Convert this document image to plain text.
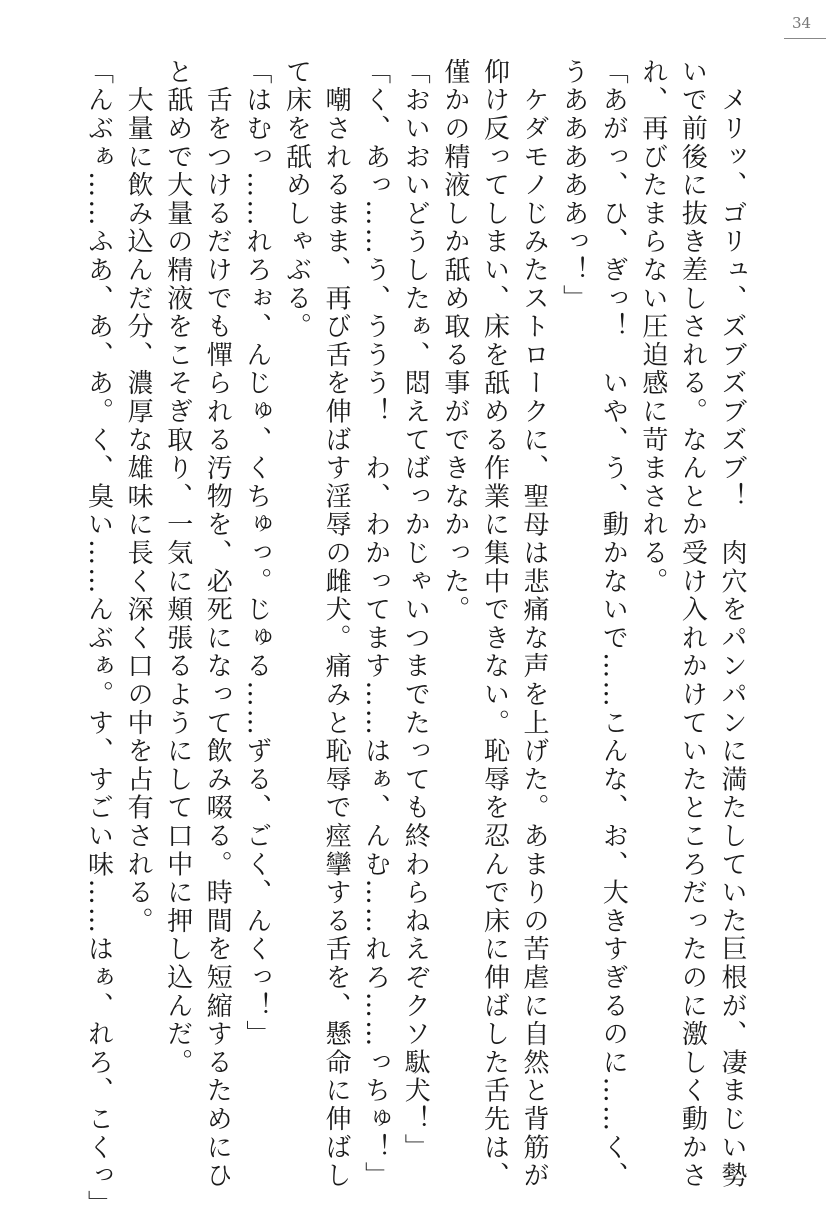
34

　メリッ、ゴリュ、ズブズブズブ！　肉穴をパンパンに満たしていた巨根が、凄まじい勢

いで前後に抜き差しされる。なんとか受け入れかけていたところだったのに激しく動かさ

れ、再びたまらない圧迫感に苛まされる。

「あがっ、ひ、ぎっ！　いや、う、動かないで……こんな、お、大きすぎるのに……く、

うあああああっ！」

　ケダモノじみたストロークに、聖母は悲痛な声を上げた。あまりの苦虐に自然と背筋が

仰け反ってしまい、床を舐める作業に集中できない。恥辱を忍んで床に伸ばした舌先は、

僅かの精液しか舐め取る事ができなかった。

「おいおいどうしたぁ、悶えてばっかじゃいつまでたっても終わらねえぞクソ駄犬！」

「く、あっ……う、ううう！　わ、わかってます……はぁ、んむ……れろ……っちゅ！」

　嘲されるまま、再び舌を伸ばす淫辱の雌犬。痛みと恥辱で痙攣する舌を、懸命に伸ばし

て床を舐めしゃぶる。

「はむっ……れろぉ、んじゅ、くちゅっ。じゅる……ずる、ごく、んくっ！」

　舌をつけるだけでも憚られる汚物を、必死になって飲み啜る。時間を短縮するためにひ

と舐めで大量の精液をこそぎ取り、一気に頬張るようにして口中に押し込んだ。

　大量に飲み込んだ分、濃厚な雄味に長く深く口の中を占有される。

「んぶぁ……ふあ、あ、あ。く、臭い……んぶぁ。す、すごい味……はぁ、れろ、こくっ」
